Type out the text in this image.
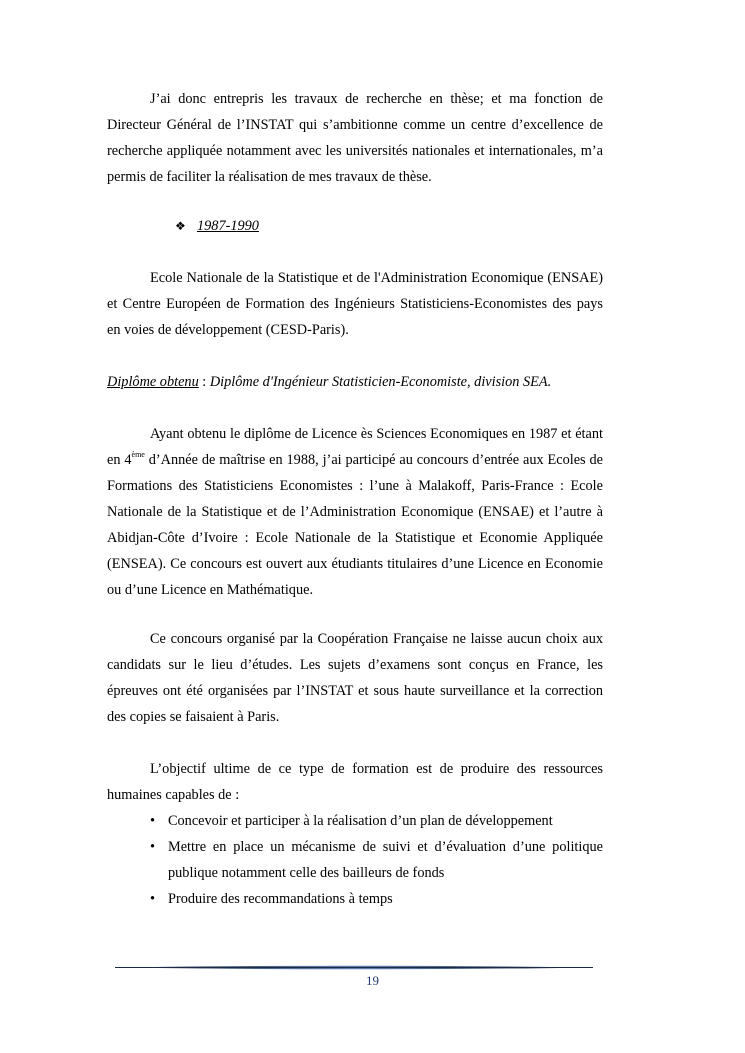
J’ai donc entrepris les travaux de recherche en thèse; et ma fonction de Directeur Général de l’INSTAT qui s’ambitionne comme un centre d’excellence de recherche appliquée notamment avec les universités nationales et internationales, m’a permis de faciliter la réalisation de mes travaux de thèse.

❖ 1987-1990

Ecole Nationale de la Statistique et de l'Administration Economique (ENSAE) et Centre Européen de Formation des Ingénieurs Statisticiens-Economistes des pays en voies de développement (CESD-Paris).

Diplôme obtenu : Diplôme d'Ingénieur Statisticien-Economiste, division SEA.

Ayant obtenu le diplôme de Licence ès Sciences Economiques en 1987 et étant en 4ème d’Année de maîtrise en 1988, j’ai participé au concours d’entrée aux Ecoles de Formations des Statisticiens Economistes : l’une à Malakoff, Paris-France : Ecole Nationale de la Statistique et de l’Administration Economique (ENSAE) et l’autre à Abidjan-Côte d’Ivoire : Ecole Nationale de la Statistique et Economie Appliquée (ENSEA). Ce concours est ouvert aux étudiants titulaires d’une Licence en Economie ou d’une Licence en Mathématique.

Ce concours organisé par la Coopération Française ne laisse aucun choix aux candidats sur le lieu d’études. Les sujets d’examens sont conçus en France, les épreuves ont été organisées par l’INSTAT et sous haute surveillance et la correction des copies se faisaient à Paris.

L’objectif ultime de ce type de formation est de produire des ressources humaines capables de :

• Concevoir et participer à la réalisation d’un plan de développement
• Mettre en place un mécanisme de suivi et d’évaluation d’une politique publique notamment celle des bailleurs de fonds
• Produire des recommandations à temps
19
